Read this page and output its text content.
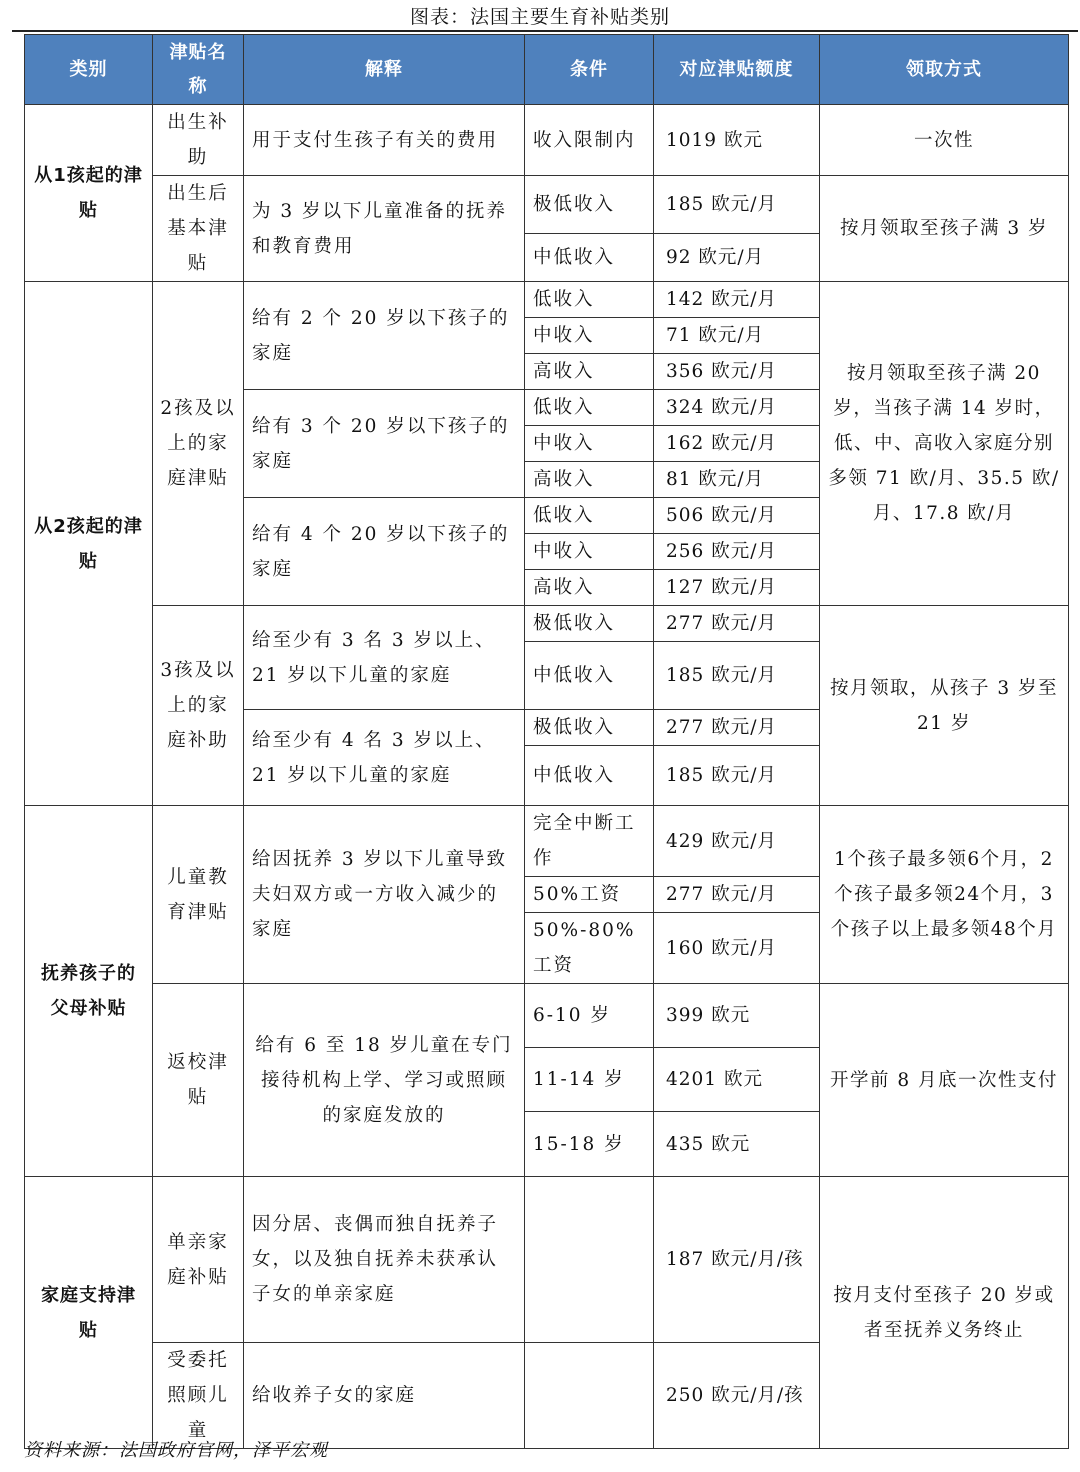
图表：法国主要生育补贴类别
类别	津贴名称	解释	条件	对应津贴额度	领取方式
从1孩起的津贴	出生补助	用于支付生孩子有关的费用	收入限制内	1019 欧元	一次性
	出生后基本津贴	为 3 岁以下儿童准备的抚养和教育费用	极低收入	185 欧元/月	按月领取至孩子满 3 岁
			中低收入	92 欧元/月	
从2孩起的津贴	2孩及以上的家庭津贴	给有 2 个 20 岁以下孩子的家庭	低收入	142 欧元/月	按月领取至孩子满 20 岁，当孩子满 14 岁时，低、中、高收入家庭分别多领 71 欧/月、35.5 欧/月、17.8 欧/月
			中收入	71 欧元/月	
			高收入	356 欧元/月	
		给有 3 个 20 岁以下孩子的家庭	低收入	324 欧元/月	
			中收入	162 欧元/月	
			高收入	81 欧元/月	
		给有 4 个 20 岁以下孩子的家庭	低收入	506 欧元/月	
			中收入	256 欧元/月	
			高收入	127 欧元/月	
	3孩及以上的家庭补助	给至少有 3 名 3 岁以上、21 岁以下儿童的家庭	极低收入	277 欧元/月	按月领取，从孩子 3 岁至 21 岁
			中低收入	185 欧元/月	
		给至少有 4 名 3 岁以上、21 岁以下儿童的家庭	极低收入	277 欧元/月	
			中低收入	185 欧元/月	
抚养孩子的父母补贴	儿童教育津贴	给因抚养 3 岁以下儿童导致夫妇双方或一方收入减少的家庭	完全中断工作	429 欧元/月	1个孩子最多领6个月，2个孩子最多领24个月，3个孩子以上最多领48个月
			50%工资	277 欧元/月	
			50%-80% 工资	160 欧元/月	
	返校津贴	给有 6 至 18 岁儿童在专门接待机构上学、学习或照顾的家庭发放的	6-10 岁	399 欧元	开学前 8 月底一次性支付
			11-14 岁	4201 欧元	
			15-18 岁	435 欧元	
家庭支持津贴	单亲家庭补贴	因分居、丧偶而独自抚养子女，以及独自抚养未获承认子女的单亲家庭		187 欧元/月/孩	按月支付至孩子 20 岁或者至抚养义务终止
	受委托照顾儿童	给收养子女的家庭		250 欧元/月/孩	
资料来源：法国政府官网，泽平宏观
